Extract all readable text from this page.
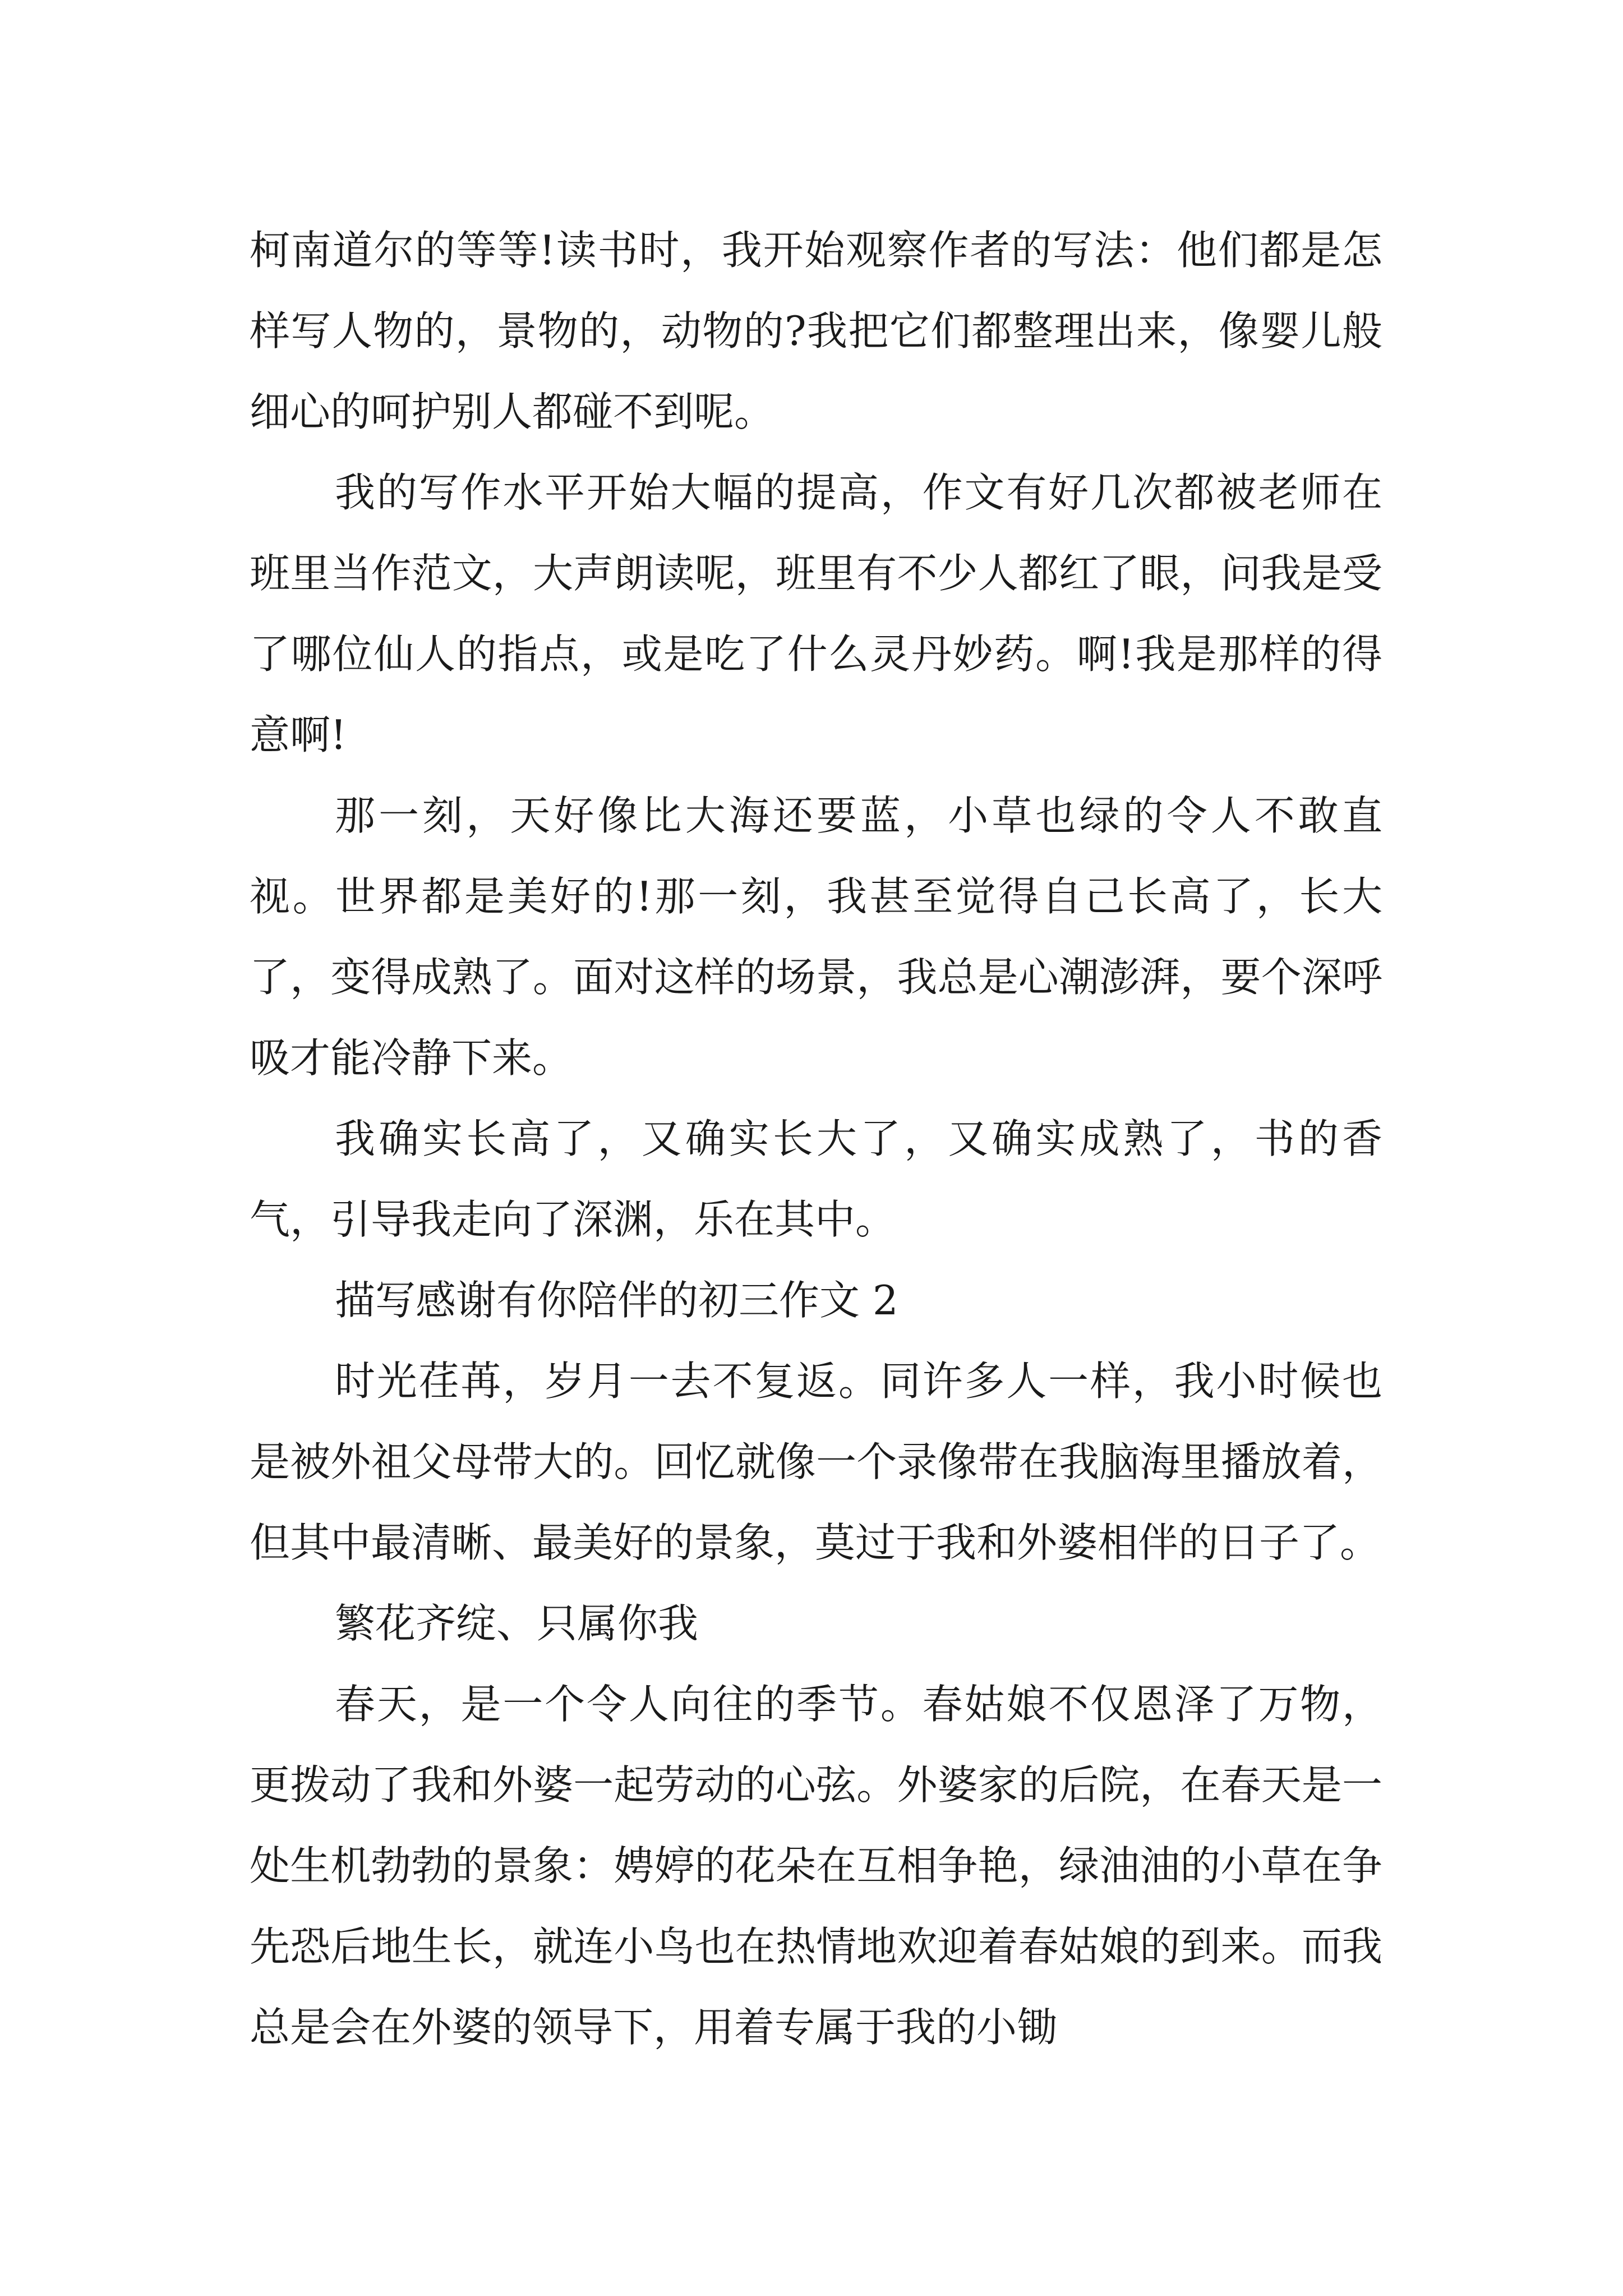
柯南道尔的等等!读书时，我开始观察作者的写法：他们都是怎样写人物的，景物的，动物的?我把它们都整理出来，像婴儿般细心的呵护别人都碰不到呢。

我的写作水平开始大幅的提高，作文有好几次都被老师在班里当作范文，大声朗读呢，班里有不少人都红了眼，问我是受了哪位仙人的指点，或是吃了什么灵丹妙药。啊!我是那样的得意啊!

那一刻，天好像比大海还要蓝，小草也绿的令人不敢直视。世界都是美好的!那一刻，我甚至觉得自己长高了，长大了，变得成熟了。面对这样的场景，我总是心潮澎湃，要个深呼吸才能冷静下来。

我确实长高了，又确实长大了，又确实成熟了，书的香气，引导我走向了深渊，乐在其中。

描写感谢有你陪伴的初三作文 2

时光荏苒，岁月一去不复返。同许多人一样，我小时候也是被外祖父母带大的。回忆就像一个录像带在我脑海里播放着，但其中最清晰、最美好的景象，莫过于我和外婆相伴的日子了。

繁花齐绽、只属你我

春天，是一个令人向往的季节。春姑娘不仅恩泽了万物，更拨动了我和外婆一起劳动的心弦。外婆家的后院，在春天是一处生机勃勃的景象：娉婷的花朵在互相争艳，绿油油的小草在争先恐后地生长，就连小鸟也在热情地欢迎着春姑娘的到来。而我总是会在外婆的领导下，用着专属于我的小锄
